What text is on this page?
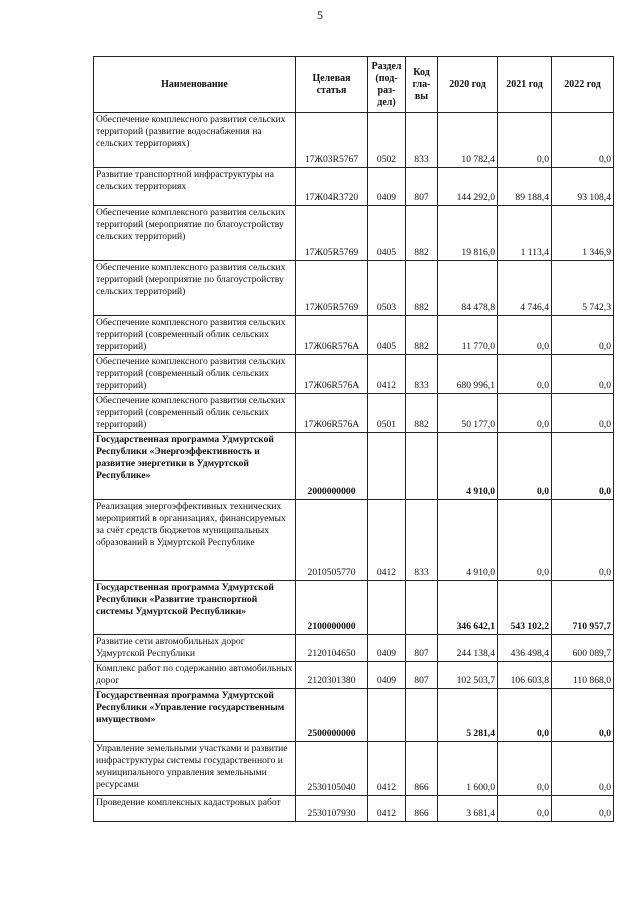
5
Наименование	Целевая статья	Раздел (под- раз- дел)	Код гла- вы	2020 год	2021 год	2022 год
Обеспечение комплексного развития сельских территорий (развитие водоснабжения на сельских территориях)	17Ж03R5767	0502	833	10 782,4	0,0	0,0
Развитие транспортной инфраструктуры на сельских территориях	17Ж04R3720	0409	807	144 292,0	89 188,4	93 108,4
Обеспечение комплексного развития сельских территорий (мероприятие по благоустройству сельских территорий)	17Ж05R5769	0405	882	19 816,0	1 113,4	1 346,9
Обеспечение комплексного развития сельских территорий (мероприятие по благоустройству сельских территорий)	17Ж05R5769	0503	882	84 478,8	4 746,4	5 742,3
Обеспечение комплексного развития сельских территорий (современный облик сельских территорий)	17Ж06R576A	0405	882	11 770,0	0,0	0,0
Обеспечение комплексного развития сельских территорий (современный облик сельских территорий)	17Ж06R576A	0412	833	680 996,1	0,0	0,0
Обеспечение комплексного развития сельских территорий (современный облик сельских территорий)	17Ж06R576A	0501	882	50 177,0	0,0	0,0
Государственная программа Удмуртской Республики «Энергоэффективность и развитие энергетики в Удмуртской Республике»	2000000000			4 910,0	0,0	0,0
Реализация энергоэффективных технических мероприятий в организациях, финансируемых за счёт средств бюджетов муниципальных образований в Удмуртской Республике	2010505770	0412	833	4 910,0	0,0	0,0
Государственная программа Удмуртской Республики «Развитие транспортной системы Удмуртской Республики»	2100000000			346 642,1	543 102,2	710 957,7
Развитие сети автомобильных дорог Удмуртской Республики	2120104650	0409	807	244 138,4	436 498,4	600 089,7
Комплекс работ по содержанию автомобильных дорог	2120301380	0409	807	102 503,7	106 603,8	110 868,0
Государственная программа Удмуртской Республики «Управление государственным имуществом»	2500000000			5 281,4	0,0	0,0
Управление земельными участками и развитие инфраструктуры системы государственного и муниципального управления земельными ресурсами	2530105040	0412	866	1 600,0	0,0	0,0
Проведение комплексных кадастровых работ	2530107930	0412	866	3 681,4	0,0	0,0
